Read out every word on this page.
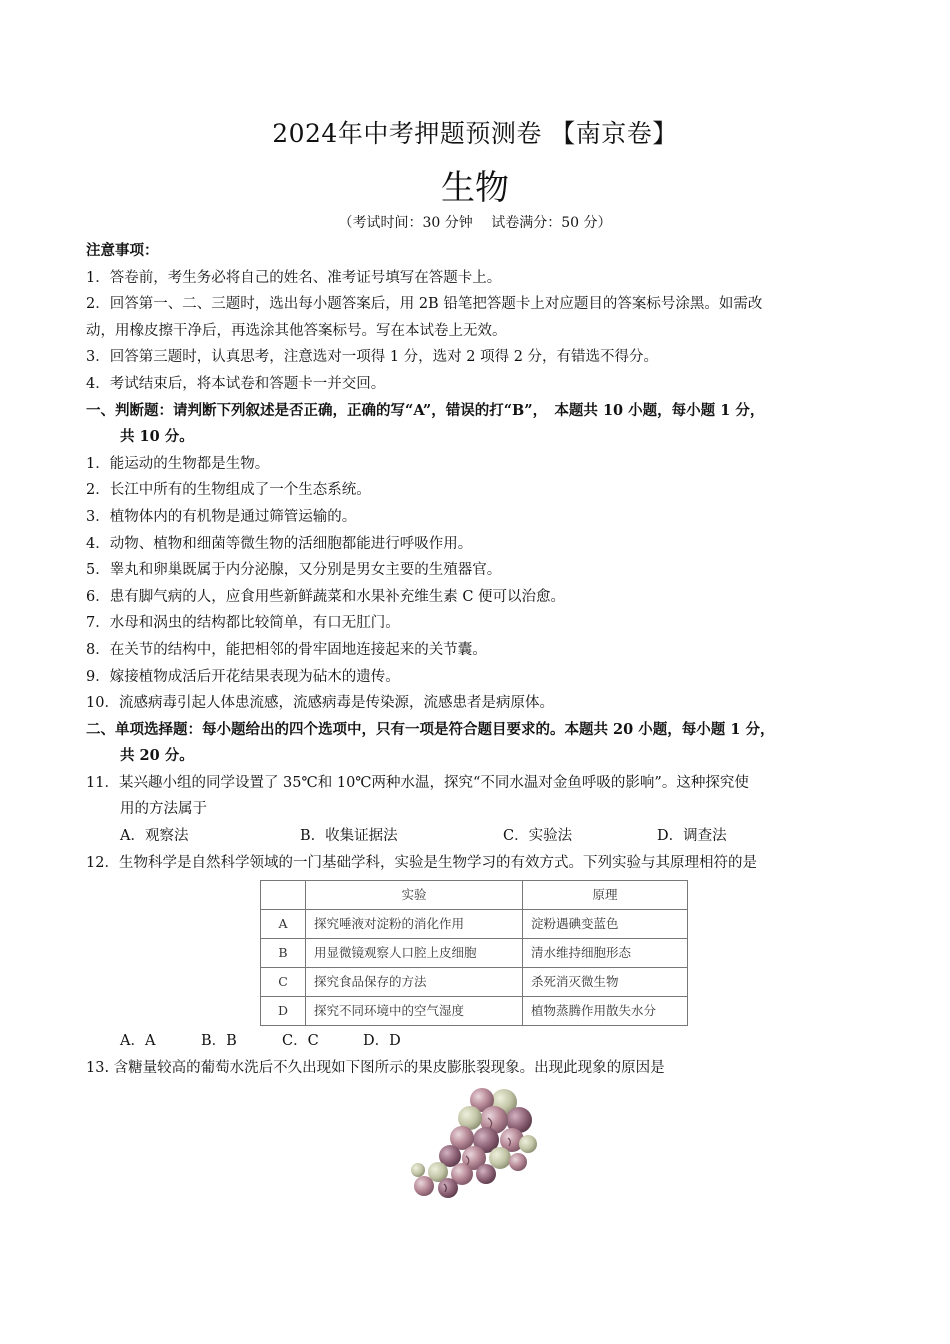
2024年中考押题预测卷 【南京卷】
生物
（考试时间：30 分钟　 试卷满分：50 分）
注意事项：
1．答卷前，考生务必将自己的姓名、准考证号填写在答题卡上。
2．回答第一、二、三题时，选出每小题答案后，用 2B 铅笔把答题卡上对应题目的答案标号涂黑。如需改
动，用橡皮擦干净后，再选涂其他答案标号。写在本试卷上无效。
3．回答第三题时，认真思考，注意选对一项得 1 分，选对 2 项得 2 分，有错选不得分。
4．考试结束后，将本试卷和答题卡一并交回。
一、判断题：请判断下列叙述是否正确，正确的写“A”，错误的打“B”，　本题共 10 小题，每小题 1 分，
共 10 分。
1．能运动的生物都是生物。
2．长江中所有的生物组成了一个生态系统。
3．植物体内的有机物是通过筛管运输的。
4．动物、植物和细菌等微生物的活细胞都能进行呼吸作用。
5．睾丸和卵巢既属于内分泌腺，又分别是男女主要的生殖器官。
6．患有脚气病的人，应食用些新鲜蔬菜和水果补充维生素 C 便可以治愈。
7．水母和涡虫的结构都比较简单，有口无肛门。
8．在关节的结构中，能把相邻的骨牢固地连接起来的关节囊。
9．嫁接植物成活后开花结果表现为砧木的遗传。
10．流感病毒引起人体患流感，流感病毒是传染源，流感患者是病原体。
二、单项选择题：每小题给出的四个选项中，只有一项是符合题目要求的。本题共 20 小题，每小题 1 分，
共 20 分。
11．某兴趣小组的同学设置了 35℃和 10℃两种水温，探究“不同水温对金鱼呼吸的影响”。这种探究使
用的方法属于
A．观察法	B．收集证据法	C．实验法	D．调查法
12．生物科学是自然科学领域的一门基础学科，实验是生物学习的有效方式。下列实验与其原理相符的是
	实验	原理
A	探究唾液对淀粉的消化作用	淀粉遇碘变蓝色
B	用显微镜观察人口腔上皮细胞	清水维持细胞形态
C	探究食品保存的方法	杀死消灭微生物
D	探究不同环境中的空气湿度	植物蒸腾作用散失水分
A．A	B．B	C．C	D．D
13. 含糖量较高的葡萄水洗后不久出现如下图所示的果皮膨胀裂现象。出现此现象的原因是
